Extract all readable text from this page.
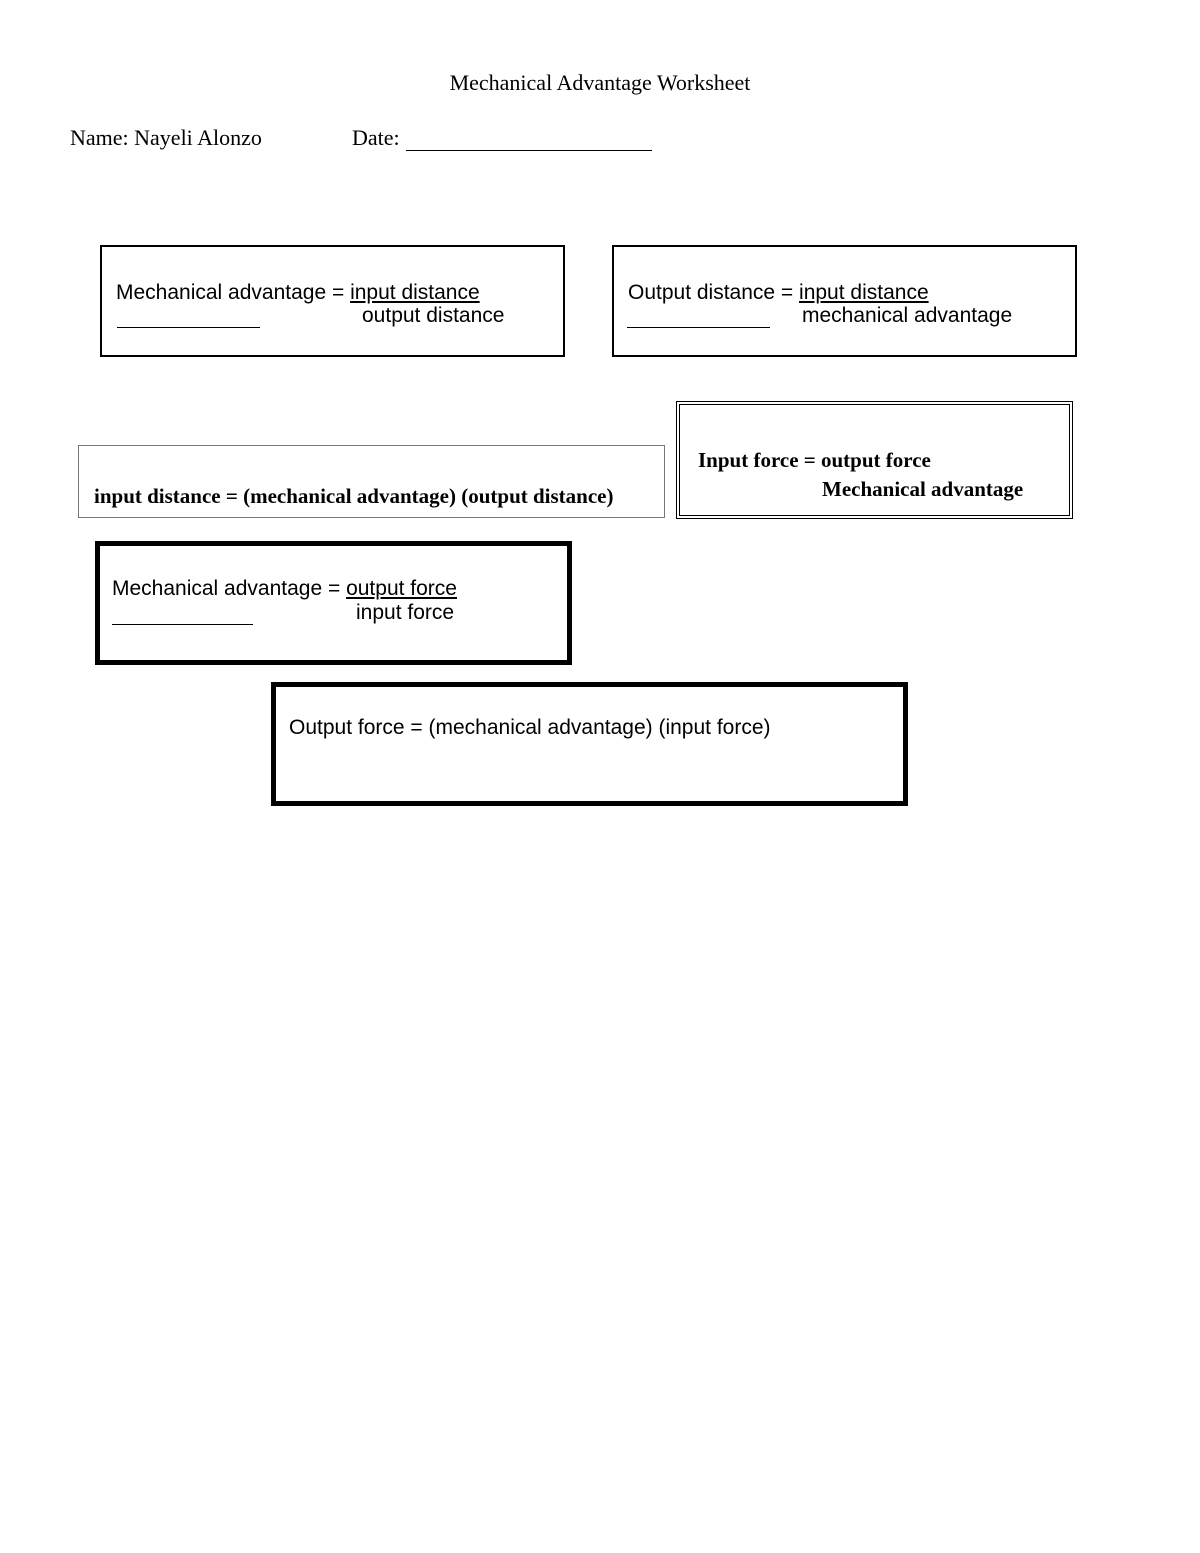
Mechanical Advantage Worksheet
Name: Nayeli Alonzo	Date:
Mechanical advantage = input distance
output distance
Output distance = input distance
mechanical advantage
input distance = (mechanical advantage) (output distance)
Input force = output force
Mechanical advantage
Mechanical advantage = output force
input force
Output force = (mechanical advantage) (input force)
